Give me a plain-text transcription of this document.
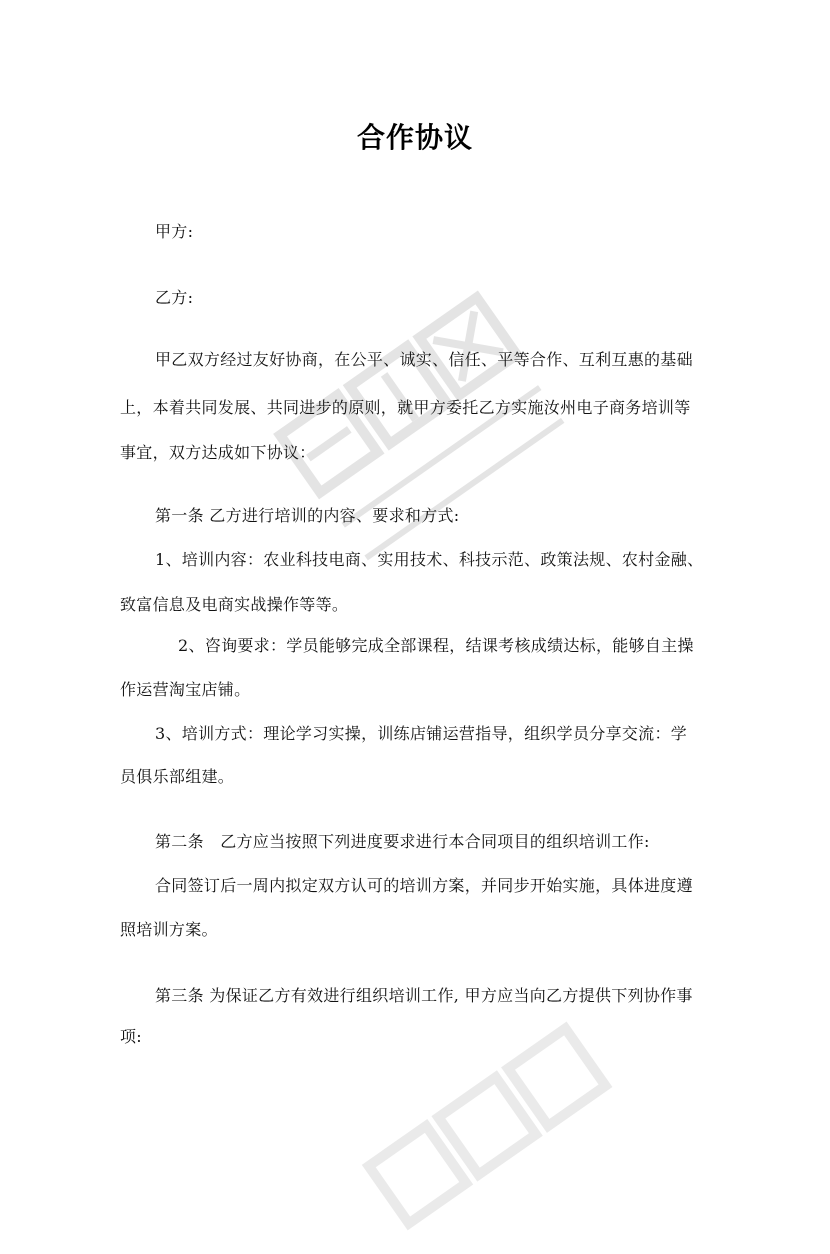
合作协议

甲方:

乙方:

甲乙双方经过友好协商，在公平、诚实、信任、平等合作、互利互惠的基础

上，本着共同发展、共同进步的原则，就甲方委托乙方实施汝州电子商务培训等

事宜，双方达成如下协议：

第一条 乙方进行培训的内容、要求和方式:

1、培训内容：农业科技电商、实用技术、科技示范、政策法规、农村金融、

致富信息及电商实战操作等等。

2、咨询要求：学员能够完成全部课程，结课考核成绩达标，能够自主操

作运营淘宝店铺。

3、培训方式：理论学习实操，训练店铺运营指导，组织学员分享交流：学

员俱乐部组建。

第二条　乙方应当按照下列进度要求进行本合同项目的组织培训工作:

合同签订后一周内拟定双方认可的培训方案，并同步开始实施，具体进度遵

照培训方案。

第三条 为保证乙方有效进行组织培训工作, 甲方应当向乙方提供下列协作事

项:
